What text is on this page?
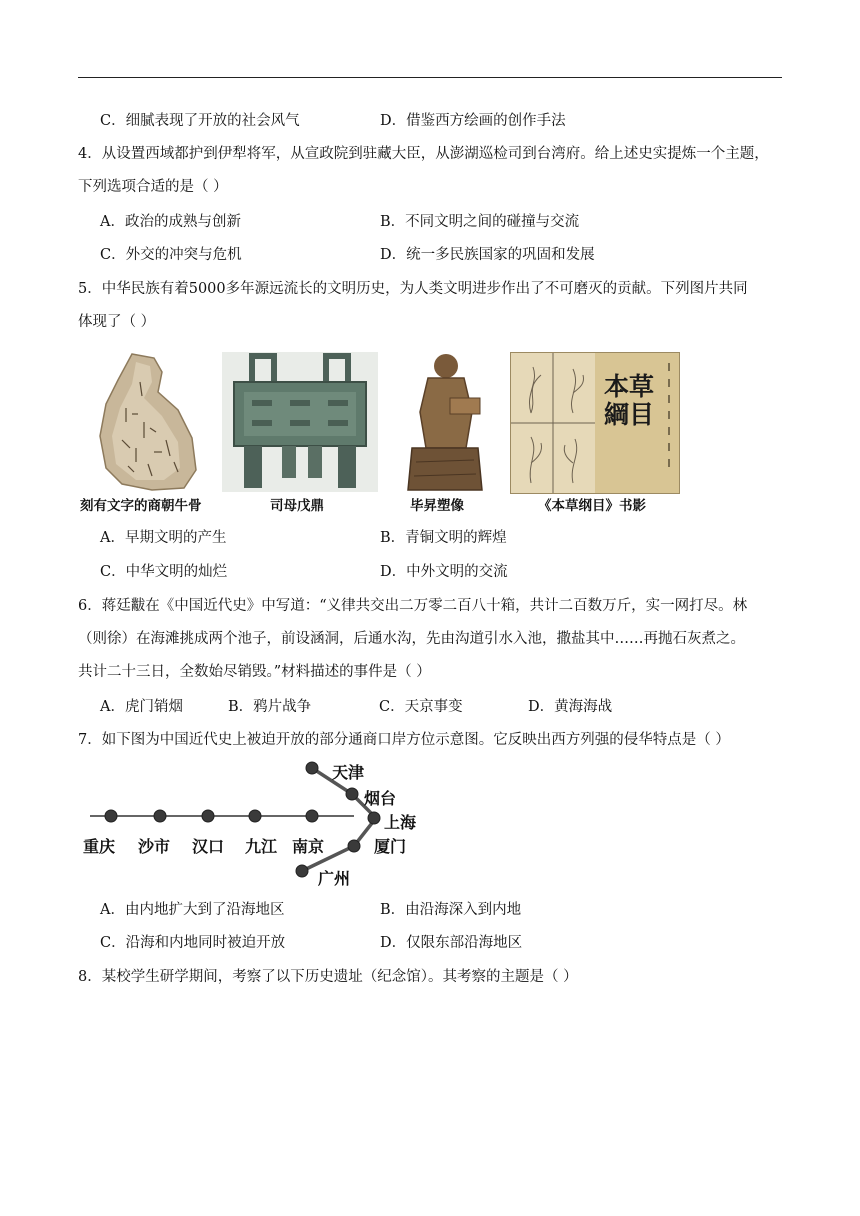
C．细腻表现了开放的社会风气	D．借鉴西方绘画的创作手法
4．从设置西域都护到伊犁将军，从宣政院到驻藏大臣，从澎湖巡检司到台湾府。给上述史实提炼一个主题，
下列选项合适的是（ ）
A．政治的成熟与创新	B．不同文明之间的碰撞与交流
C．外交的冲突与危机	D．统一多民族国家的巩固和发展
5．中华民族有着5000多年源远流长的文明历史，为人类文明进步作出了不可磨灭的贡献。下列图片共同
体现了（ ）
刻有文字的商朝牛骨	司母戊鼎	毕昇塑像
本草綱目
《本草纲目》书影
A．早期文明的产生	B．青铜文明的辉煌
C．中华文明的灿烂	D．中外文明的交流
6．蒋廷黻在《中国近代史》中写道：“义律共交出二万零二百八十箱，共计二百数万斤，实一网打尽。林
（则徐）在海滩挑成两个池子，前设涵洞，后通水沟，先由沟道引水入池，撒盐其中……再抛石灰煮之。
共计二十三日，全数始尽销毁。”材料描述的事件是（ ）
A．虎门销烟	B．鸦片战争	C．天京事变	D．黄海海战
7．如下图为中国近代史上被迫开放的部分通商口岸方位示意图。它反映出西方列强的侵华特点是（ ）
重庆 沙市 汉口 九江 南京
天津
烟台
上海
厦门
广州
A．由内地扩大到了沿海地区	B．由沿海深入到内地
C．沿海和内地同时被迫开放	D．仅限东部沿海地区
8．某校学生研学期间，考察了以下历史遗址（纪念馆）。其考察的主题是（ ）
